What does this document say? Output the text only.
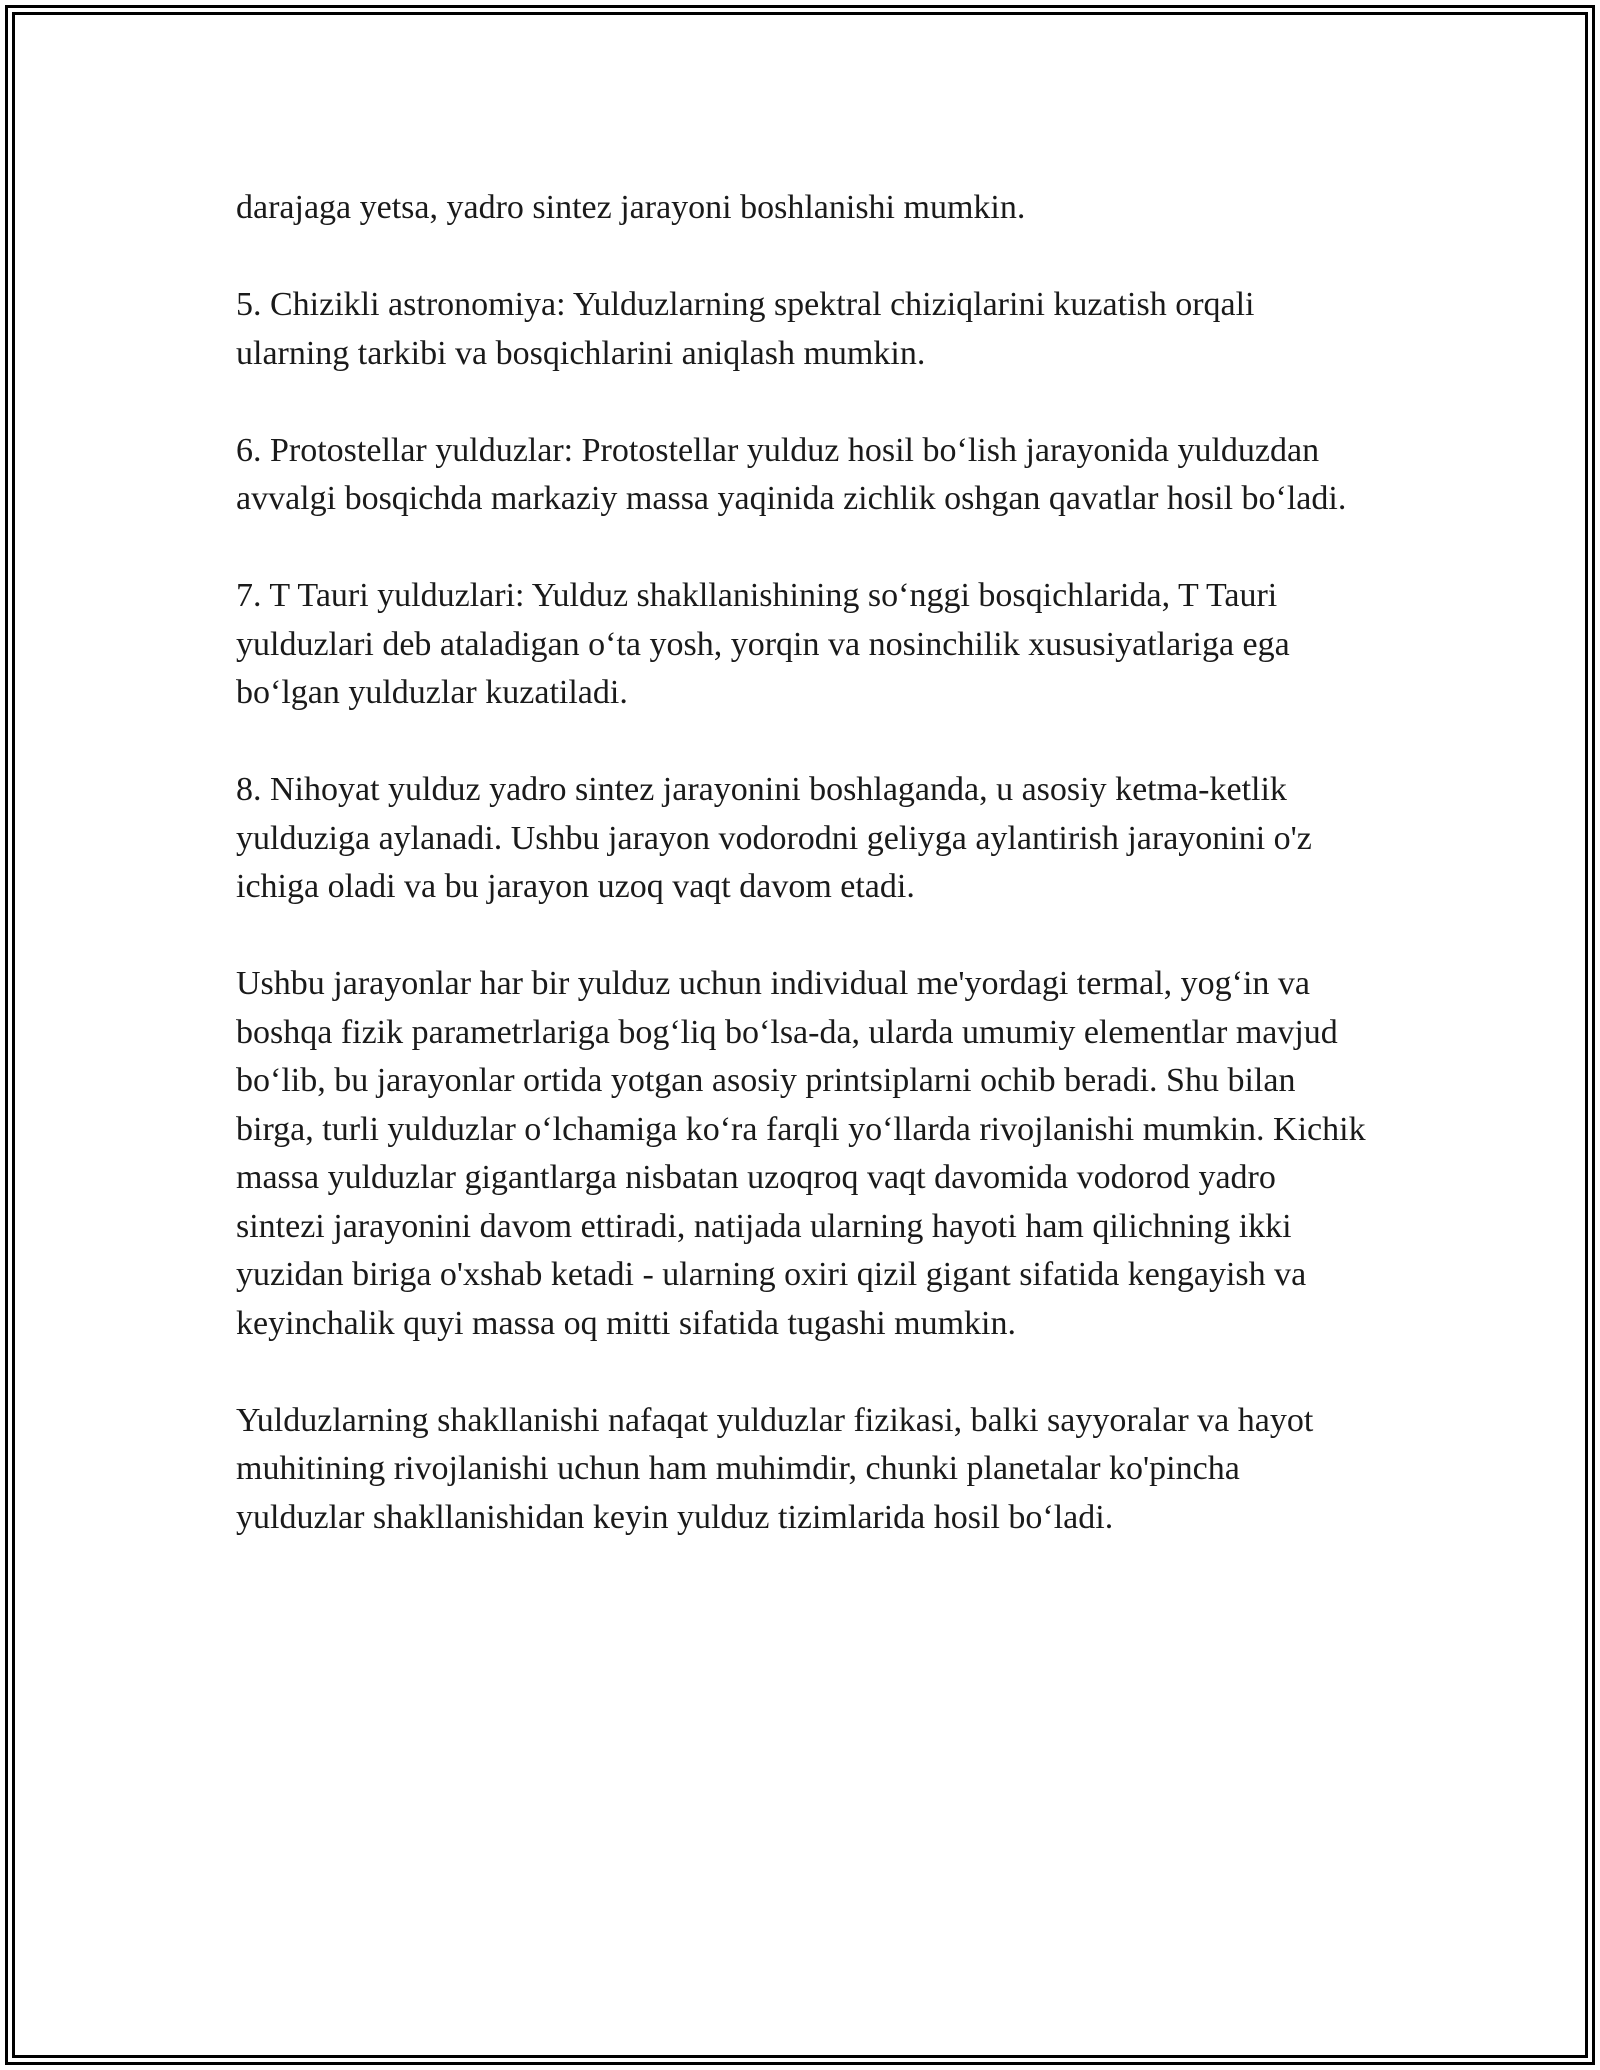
darajaga yetsa, yadro sintez jarayoni boshlanishi mumkin.

5. Chizikli astronomiya: Yulduzlarning spektral chiziqlarini kuzatish orqali ularning tarkibi va bosqichlarini aniqlash mumkin.

6. Protostellar yulduzlar: Protostellar yulduz hosil bo‘lish jarayonida yulduzdan avvalgi bosqichda markaziy massa yaqinida zichlik oshgan qavatlar hosil bo‘ladi.

7. T Tauri yulduzlari: Yulduz shakllanishining so‘nggi bosqichlarida, T Tauri yulduzlari deb ataladigan o‘ta yosh, yorqin va nosinchilik xususiyatlariga ega bo‘lgan yulduzlar kuzatiladi.

8. Nihoyat yulduz yadro sintez jarayonini boshlaganda, u asosiy ketma-ketlik yulduziga aylanadi. Ushbu jarayon vodorodni geliyga aylantirish jarayonini o'z ichiga oladi va bu jarayon uzoq vaqt davom etadi.

Ushbu jarayonlar har bir yulduz uchun individual me'yordagi termal, yog‘in va boshqa fizik parametrlariga bog‘liq bo‘lsa-da, ularda umumiy elementlar mavjud bo‘lib, bu jarayonlar ortida yotgan asosiy printsiplarni ochib beradi. Shu bilan birga, turli yulduzlar o‘lchamiga ko‘ra farqli yo‘llarda rivojlanishi mumkin. Kichik massa yulduzlar gigantlarga nisbatan uzoqroq vaqt davomida vodorod yadro sintezi jarayonini davom ettiradi, natijada ularning hayoti ham qilichning ikki yuzidan biriga o'xshab ketadi - ularning oxiri qizil gigant sifatida kengayish va keyinchalik quyi massa oq mitti sifatida tugashi mumkin.

Yulduzlarning shakllanishi nafaqat yulduzlar fizikasi, balki sayyoralar va hayot muhitining rivojlanishi uchun ham muhimdir, chunki planetalar ko'pincha yulduzlar shakllanishidan keyin yulduz tizimlarida hosil bo‘ladi.
